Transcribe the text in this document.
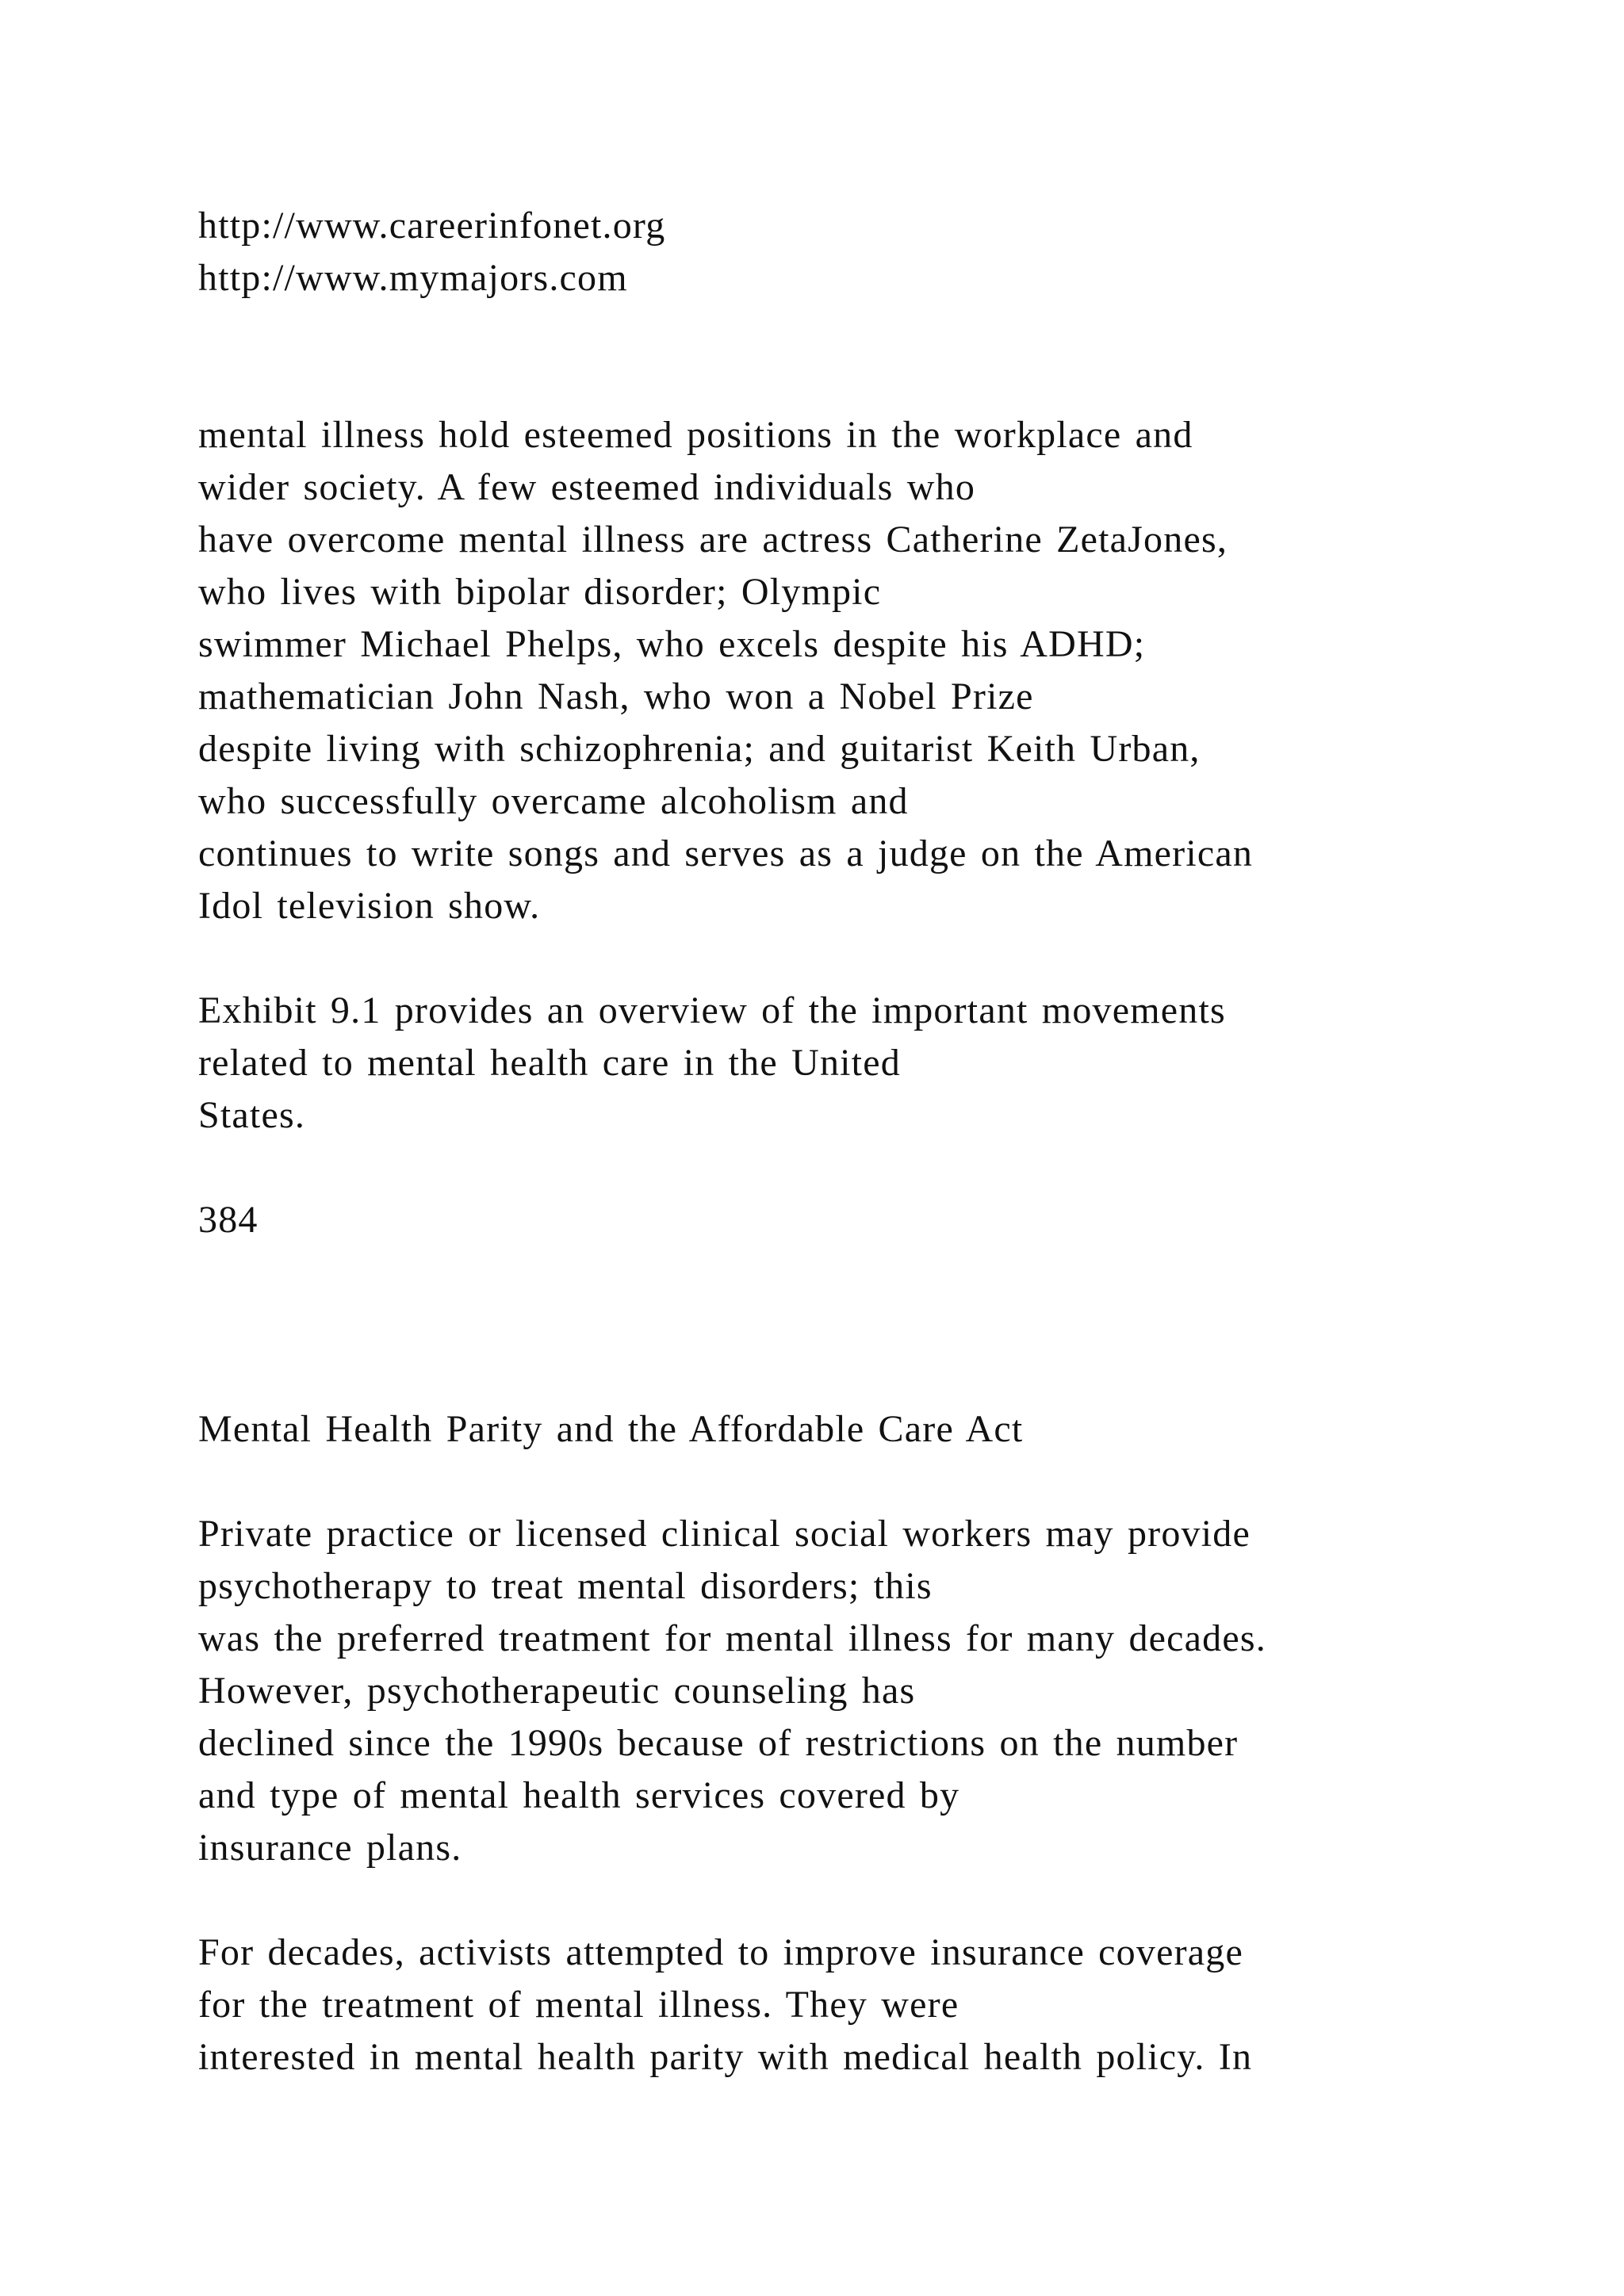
http://www.careerinfonet.org
http://www.mymajors.com
mental illness hold esteemed positions in the workplace and
wider society. A few esteemed individuals who
have overcome mental illness are actress Catherine ZetaJones,
who lives with bipolar disorder; Olympic
swimmer Michael Phelps, who excels despite his ADHD;
mathematician John Nash, who won a Nobel Prize
despite living with schizophrenia; and guitarist Keith Urban,
who successfully overcame alcoholism and
continues to write songs and serves as a judge on the American
Idol television show.
Exhibit 9.1 provides an overview of the important movements
related to mental health care in the United
States.
384
Mental Health Parity and the Affordable Care Act
Private practice or licensed clinical social workers may provide
psychotherapy to treat mental disorders; this
was the preferred treatment for mental illness for many decades.
However, psychotherapeutic counseling has
declined since the 1990s because of restrictions on the number
and type of mental health services covered by
insurance plans.
For decades, activists attempted to improve insurance coverage
for the treatment of mental illness. They were
interested in mental health parity with medical health policy. In
